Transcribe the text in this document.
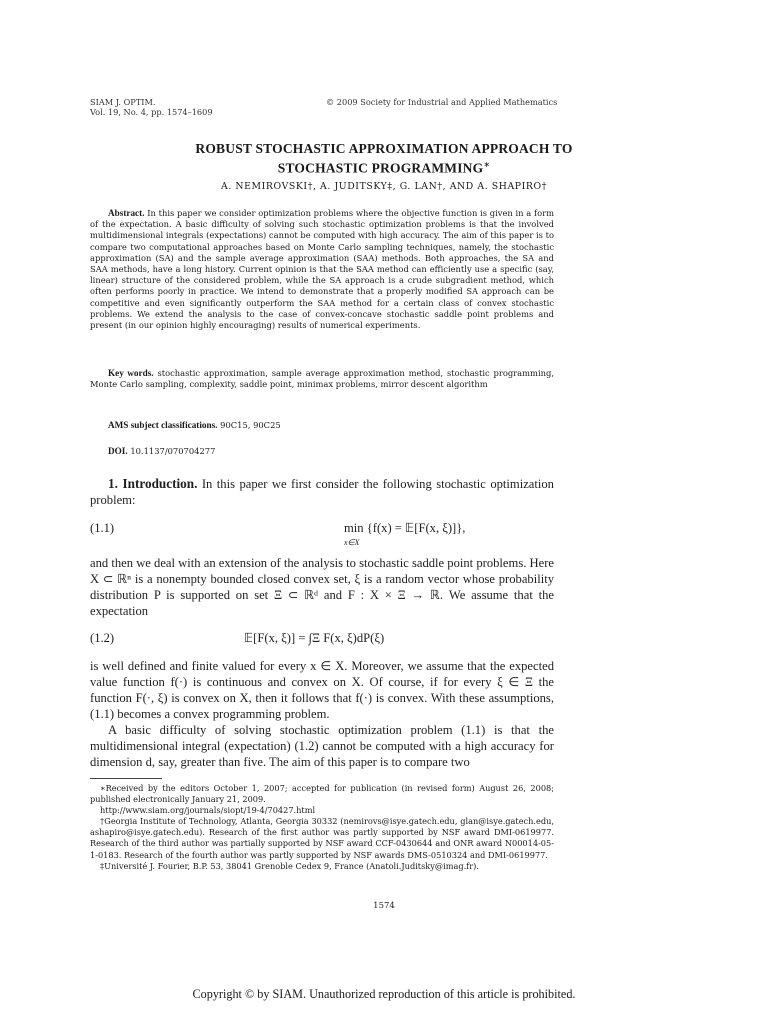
SIAM J. OPTIM.
Vol. 19, No. 4, pp. 1574–1609
© 2009 Society for Industrial and Applied Mathematics
ROBUST STOCHASTIC APPROXIMATION APPROACH TO
STOCHASTIC PROGRAMMING∗
A. NEMIROVSKI†, A. JUDITSKY‡, G. LAN†, AND A. SHAPIRO†
Abstract. In this paper we consider optimization problems where the objective function is given in a form of the expectation. A basic difficulty of solving such stochastic optimization problems is that the involved multidimensional integrals (expectations) cannot be computed with high accuracy. The aim of this paper is to compare two computational approaches based on Monte Carlo sampling techniques, namely, the stochastic approximation (SA) and the sample average approximation (SAA) methods. Both approaches, the SA and SAA methods, have a long history. Current opinion is that the SAA method can efficiently use a specific (say, linear) structure of the considered problem, while the SA approach is a crude subgradient method, which often performs poorly in practice. We intend to demonstrate that a properly modified SA approach can be competitive and even significantly outperform the SAA method for a certain class of convex stochastic problems. We extend the analysis to the case of convex-concave stochastic saddle point problems and present (in our opinion highly encouraging) results of numerical experiments.
Key words. stochastic approximation, sample average approximation method, stochastic programming, Monte Carlo sampling, complexity, saddle point, minimax problems, mirror descent algorithm
AMS subject classifications. 90C15, 90C25
DOI. 10.1137/070704277
1. Introduction. In this paper we first consider the following stochastic optimization problem:
(1.1)	min {f(x) = 𝔼[F(x, ξ)]},
x∈X
and then we deal with an extension of the analysis to stochastic saddle point problems. Here X ⊂ ℝⁿ is a nonempty bounded closed convex set, ξ is a random vector whose probability distribution P is supported on set Ξ ⊂ ℝᵈ and F : X × Ξ → ℝ. We assume that the expectation
(1.2)	𝔼[F(x, ξ)] = ∫Ξ F(x, ξ)dP(ξ)
is well defined and finite valued for every x ∈ X. Moreover, we assume that the expected value function f(·) is continuous and convex on X. Of course, if for every ξ ∈ Ξ the function F(·, ξ) is convex on X, then it follows that f(·) is convex. With these assumptions, (1.1) becomes a convex programming problem.
A basic difficulty of solving stochastic optimization problem (1.1) is that the multidimensional integral (expectation) (1.2) cannot be computed with a high accuracy for dimension d, say, greater than five. The aim of this paper is to compare two

∗Received by the editors October 1, 2007; accepted for publication (in revised form) August 26, 2008; published electronically January 21, 2009.

http://www.siam.org/journals/siopt/19-4/70427.html

†Georgia Institute of Technology, Atlanta, Georgia 30332 (nemirovs@isye.gatech.edu, glan@isye.gatech.edu, ashapiro@isye.gatech.edu). Research of the first author was partly supported by NSF award DMI-0619977. Research of the third author was partially supported by NSF award CCF-0430644 and ONR award N00014-05-1-0183. Research of the fourth author was partly supported by NSF awards DMS-0510324 and DMI-0619977.

‡Université J. Fourier, B.P. 53, 38041 Grenoble Cedex 9, France (Anatoli.Juditsky@imag.fr).

1574
Copyright © by SIAM. Unauthorized reproduction of this article is prohibited.
